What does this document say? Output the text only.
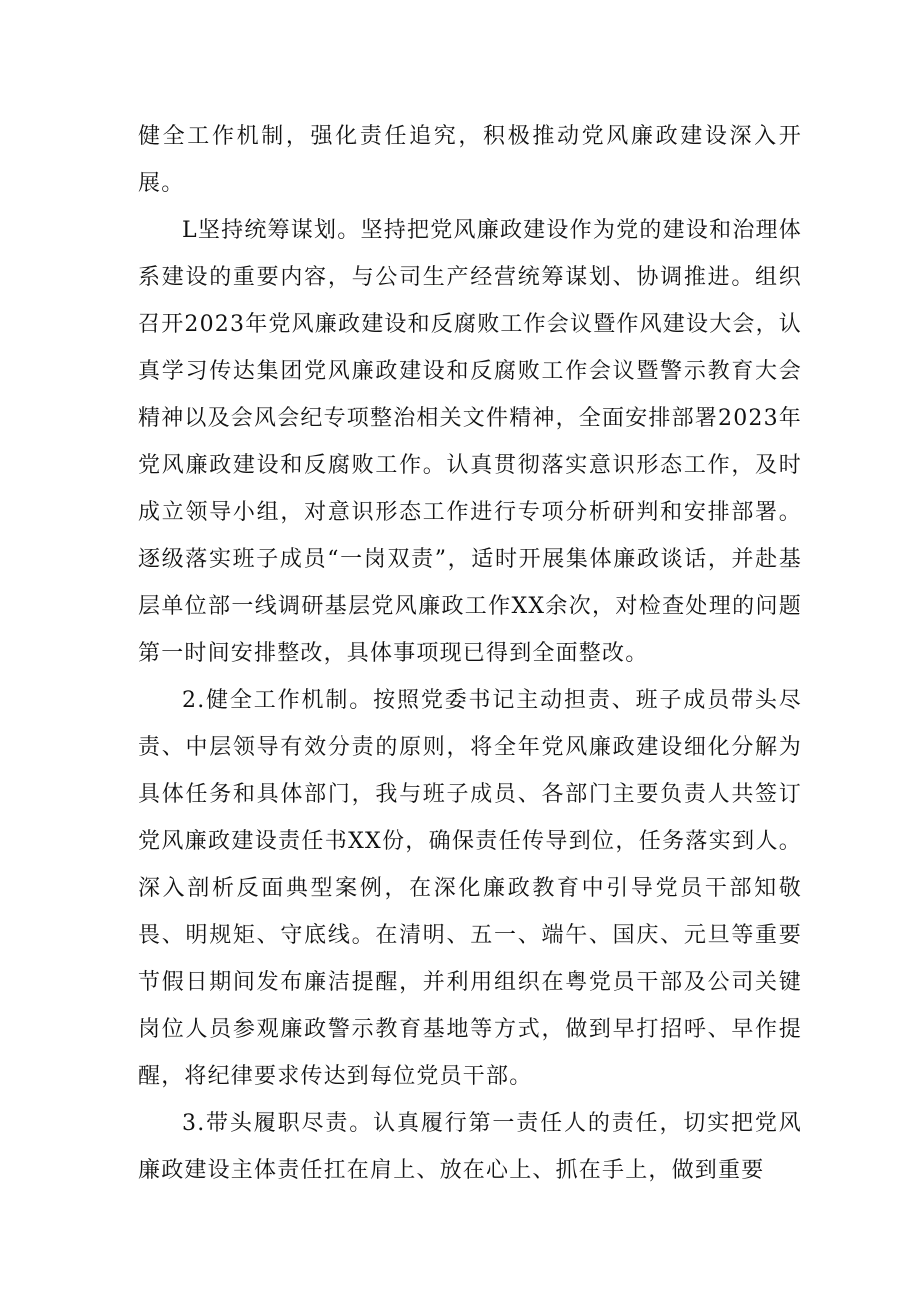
健全工作机制，强化责任追究，积极推动党风廉政建设深入开展。

L坚持统筹谋划。坚持把党风廉政建设作为党的建设和治理体系建设的重要内容，与公司生产经营统筹谋划、协调推进。组织召开2023年党风廉政建设和反腐败工作会议暨作风建设大会，认真学习传达集团党风廉政建设和反腐败工作会议暨警示教育大会精神以及会风会纪专项整治相关文件精神，全面安排部署2023年党风廉政建设和反腐败工作。认真贯彻落实意识形态工作，及时成立领导小组，对意识形态工作进行专项分析研判和安排部署。逐级落实班子成员“一岗双责”，适时开展集体廉政谈话，并赴基层单位部一线调研基层党风廉政工作XX余次，对检查处理的问题第一时间安排整改，具体事项现已得到全面整改。

2.健全工作机制。按照党委书记主动担责、班子成员带头尽责、中层领导有效分责的原则，将全年党风廉政建设细化分解为具体任务和具体部门，我与班子成员、各部门主要负责人共签订党风廉政建设责任书XX份，确保责任传导到位，任务落实到人。深入剖析反面典型案例，在深化廉政教育中引导党员干部知敬畏、明规矩、守底线。在清明、五一、端午、国庆、元旦等重要节假日期间发布廉洁提醒，并利用组织在粤党员干部及公司关键岗位人员参观廉政警示教育基地等方式，做到早打招呼、早作提醒，将纪律要求传达到每位党员干部。

3.带头履职尽责。认真履行第一责任人的责任，切实把党风廉政建设主体责任扛在肩上、放在心上、抓在手上，做到重要
